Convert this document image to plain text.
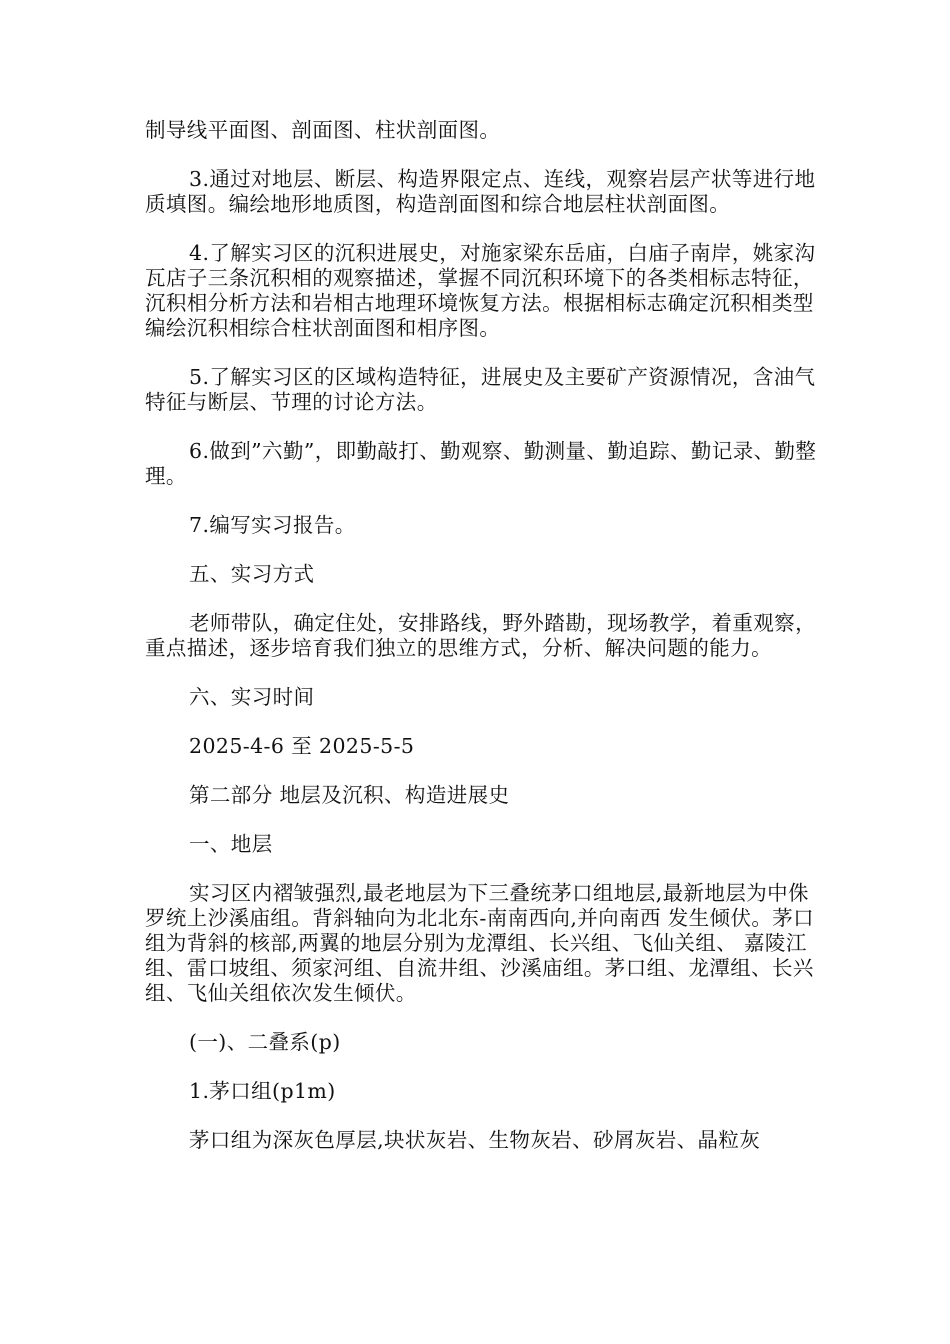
制导线平面图、剖面图、柱状剖面图。

3.通过对地层、断层、构造界限定点、连线，观察岩层产状等进行地质填图。编绘地形地质图，构造剖面图和综合地层柱状剖面图。

4.了解实习区的沉积进展史，对施家梁东岳庙，白庙子南岸，姚家沟瓦店子三条沉积相的观察描述，掌握不同沉积环境下的各类相标志特征，沉积相分析方法和岩相古地理环境恢复方法。根据相标志确定沉积相类型编绘沉积相综合柱状剖面图和相序图。

5.了解实习区的区域构造特征，进展史及主要矿产资源情况，含油气特征与断层、节理的讨论方法。

6.做到”六勤”，即勤敲打、勤观察、勤测量、勤追踪、勤记录、勤整理。

7.编写实习报告。

五、实习方式

老师带队，确定住处，安排路线，野外踏勘，现场教学，着重观察，重点描述，逐步培育我们独立的思维方式，分析、解决问题的能力。

六、实习时间

2025-4-6 至 2025-5-5

第二部分 地层及沉积、构造进展史

一、地层

实习区内褶皱强烈,最老地层为下三叠统茅口组地层,最新地层为中侏罗统上沙溪庙组。背斜轴向为北北东-南南西向,并向南西 发生倾伏。茅口组为背斜的核部,两翼的地层分别为龙潭组、长兴组、飞仙关组、 嘉陵江组、雷口坡组、须家河组、自流井组、沙溪庙组。茅口组、龙潭组、长兴组、飞仙关组依次发生倾伏。

(一)、二叠系(p)

1.茅口组(p1m)

茅口组为深灰色厚层,块状灰岩、生物灰岩、砂屑灰岩、晶粒灰
